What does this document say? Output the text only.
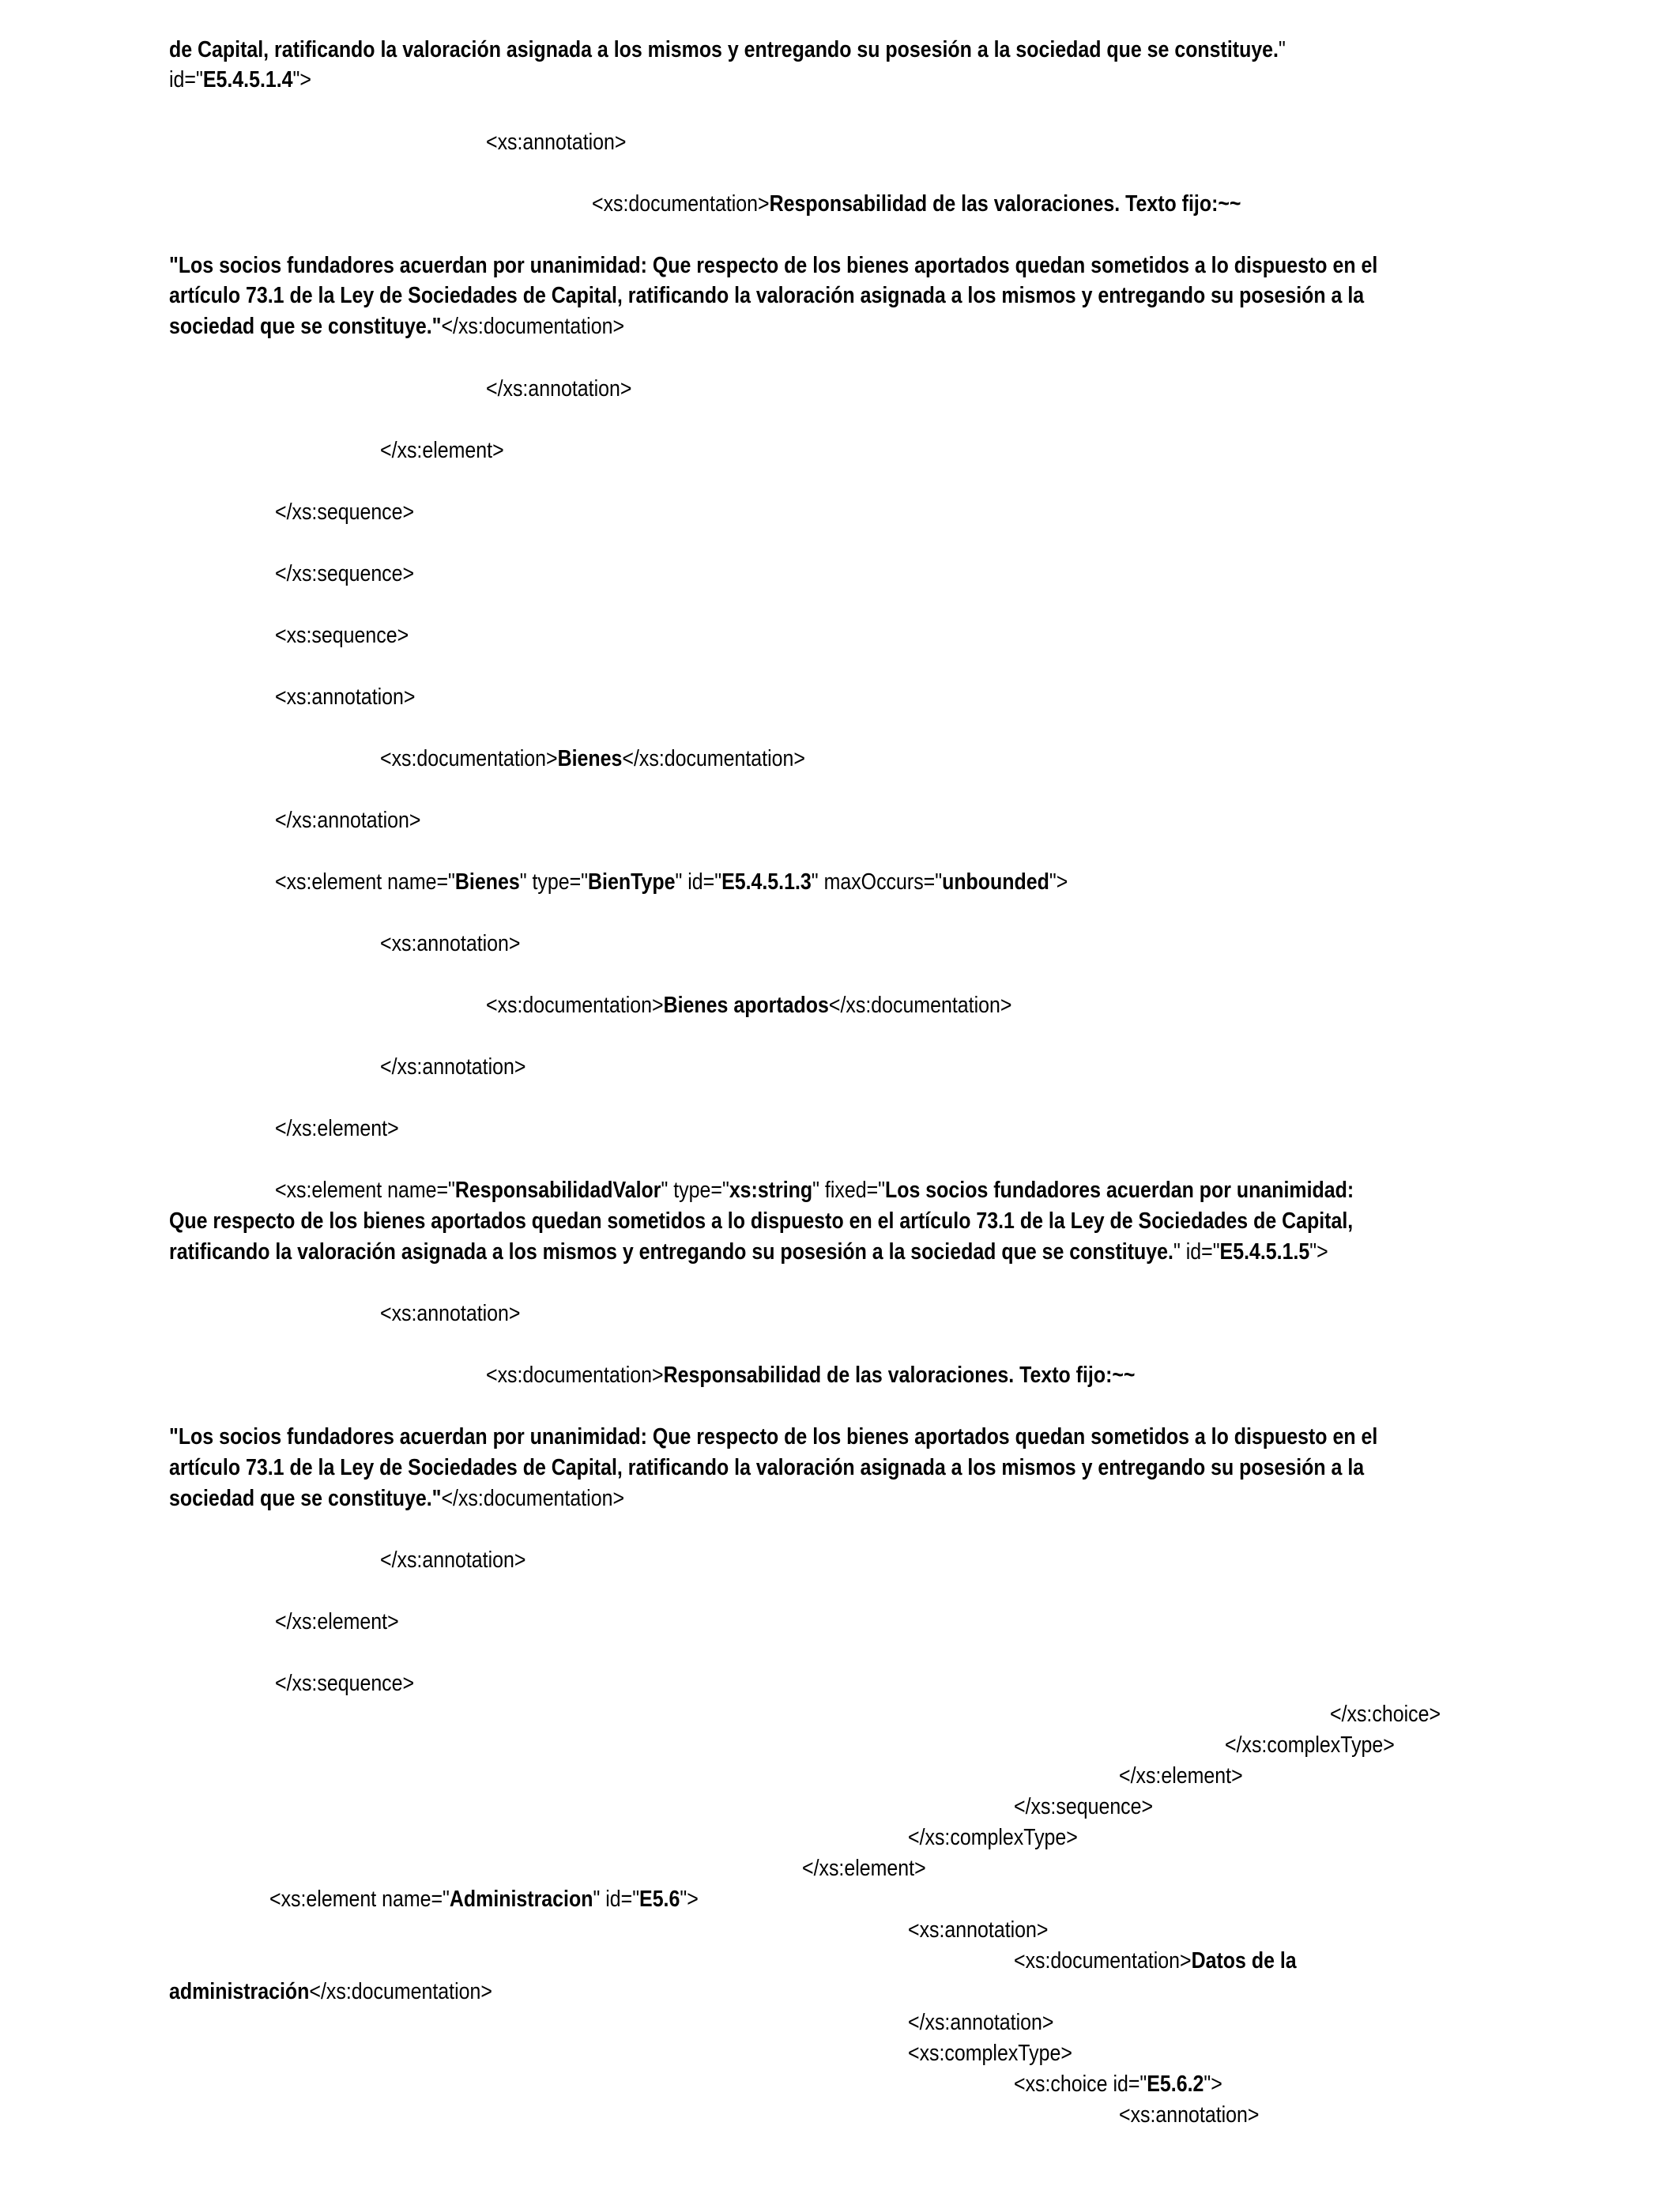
de Capital, ratificando la valoración asignada a los mismos y entregando su posesión a la sociedad que se constituye."
id="E5.4.5.1.4">
<xs:annotation>
<xs:documentation>Responsabilidad de las valoraciones. Texto fijo:~~
"Los socios fundadores acuerdan por unanimidad: Que respecto de los bienes aportados quedan sometidos a lo dispuesto en el
artículo 73.1 de la Ley de Sociedades de Capital, ratificando la valoración asignada a los mismos y entregando su posesión a la
sociedad que se constituye."</xs:documentation>
</xs:annotation>
</xs:element>
</xs:sequence>
</xs:sequence>
<xs:sequence>
<xs:annotation>
<xs:documentation>Bienes</xs:documentation>
</xs:annotation>
<xs:element name="Bienes" type="BienType" id="E5.4.5.1.3" maxOccurs="unbounded">
<xs:annotation>
<xs:documentation>Bienes aportados</xs:documentation>
</xs:annotation>
</xs:element>
<xs:element name="ResponsabilidadValor" type="xs:string" fixed="Los socios fundadores acuerdan por unanimidad:
Que respecto de los bienes aportados quedan sometidos a lo dispuesto en el artículo 73.1 de la Ley de Sociedades de Capital,
ratificando la valoración asignada a los mismos y entregando su posesión a la sociedad que se constituye." id="E5.4.5.1.5">
<xs:annotation>
<xs:documentation>Responsabilidad de las valoraciones. Texto fijo:~~
"Los socios fundadores acuerdan por unanimidad: Que respecto de los bienes aportados quedan sometidos a lo dispuesto en el
artículo 73.1 de la Ley de Sociedades de Capital, ratificando la valoración asignada a los mismos y entregando su posesión a la
sociedad que se constituye."</xs:documentation>
</xs:annotation>
</xs:element>
</xs:sequence>
</xs:choice>
</xs:complexType>
</xs:element>
</xs:sequence>
</xs:complexType>
</xs:element>
<xs:element name="Administracion" id="E5.6">
<xs:annotation>
<xs:documentation>Datos de la
administración</xs:documentation>
</xs:annotation>
<xs:complexType>
<xs:choice id="E5.6.2">
<xs:annotation>
